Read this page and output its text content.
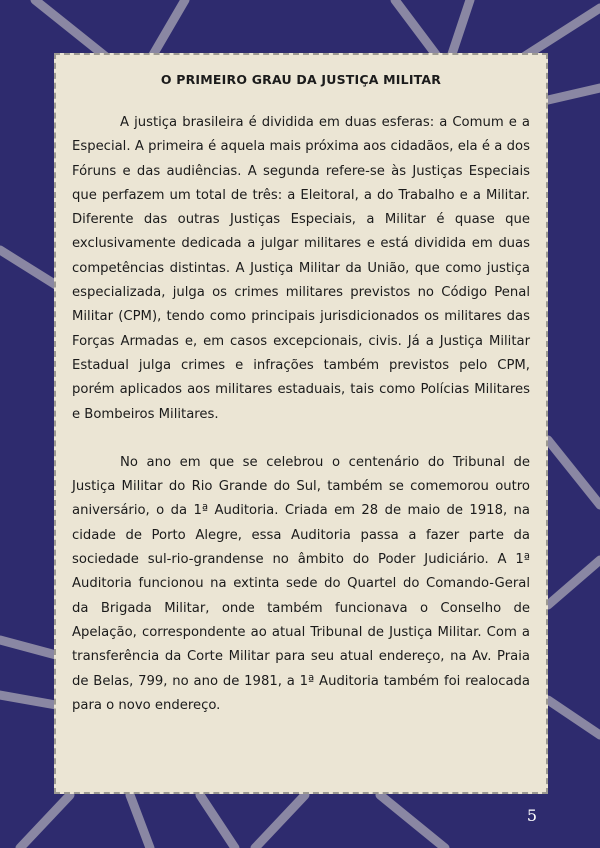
O PRIMEIRO GRAU DA JUSTIÇA MILITAR

A justiça brasileira é dividida em duas esferas: a Comum e a Especial. A primeira é aquela mais próxima aos cidadãos, ela é a dos Fóruns e das audiências. A segunda refere-se às Justiças Especiais que perfazem um total de três: a Eleitoral, a do Trabalho e a Militar. Diferente das outras Justiças Especiais, a Militar é quase que exclusivamente dedicada a julgar militares e está dividida em duas competências distintas. A Justiça Militar da União, que como justiça especializada, julga os crimes militares previstos no Código Penal Militar (CPM), tendo como principais jurisdicionados os militares das Forças Armadas e, em casos excepcionais, civis. Já a Justiça Militar Estadual julga crimes e infrações também previstos pelo CPM, porém aplicados aos militares estaduais, tais como Polícias Militares e Bombeiros Militares.

No ano em que se celebrou o centenário do Tribunal de Justiça Militar do Rio Grande do Sul, também se comemorou outro aniversário, o da 1ª Auditoria. Criada em 28 de maio de 1918, na cidade de Porto Alegre, essa Auditoria passa a fazer parte da sociedade sul-rio-grandense no âmbito do Poder Judiciário. A 1ª Auditoria funcionou na extinta sede do Quartel do Comando-Geral da Brigada Militar, onde também funcionava o Conselho de Apelação, correspondente ao atual Tribunal de Justiça Militar. Com a transferência da Corte Militar para seu atual endereço, na Av. Praia de Belas, 799, no ano de 1981, a 1ª Auditoria também foi realocada para o novo endereço.

5
